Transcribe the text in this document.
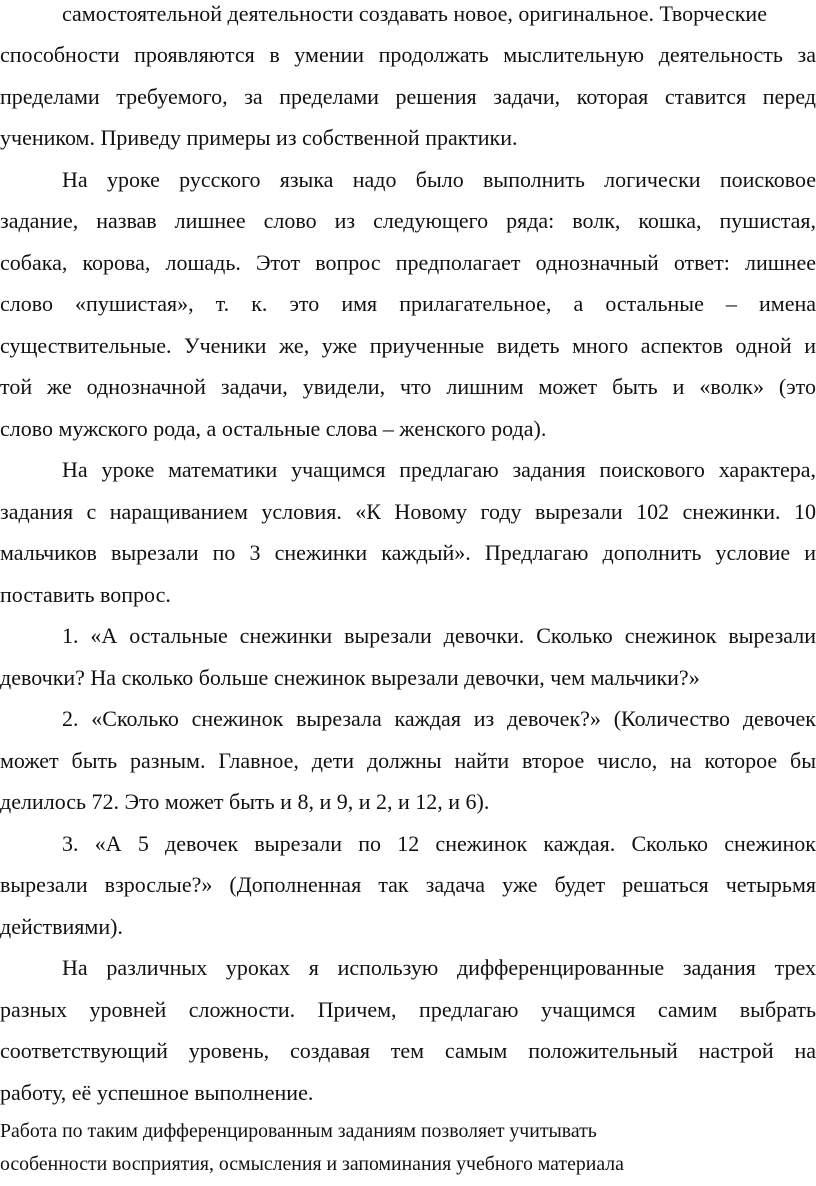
самостоятельной деятельности создавать новое, оригинальное. Творческие

способности проявляются в умении продолжать мыслительную деятельность за

пределами требуемого, за пределами решения задачи, которая ставится перед

учеником. Приведу примеры из собственной практики.

На уроке русского языка надо было выполнить логически поисковое

задание, назвав лишнее слово из следующего ряда: волк, кошка, пушистая,

собака, корова, лошадь. Этот вопрос предполагает однозначный ответ: лишнее

слово «пушистая», т. к. это имя прилагательное, а остальные – имена

существительные. Ученики же, уже приученные видеть много аспектов одной и

той же однозначной задачи, увидели, что лишним может быть и «волк» (это

слово мужского рода, а остальные слова – женского рода).

На уроке математики учащимся предлагаю задания поискового характера,

задания с наращиванием условия. «К Новому году вырезали 102 снежинки. 10

мальчиков вырезали по 3 снежинки каждый». Предлагаю дополнить условие и

поставить вопрос.

1. «А остальные снежинки вырезали девочки. Сколько снежинок вырезали

девочки? На сколько больше снежинок вырезали девочки, чем мальчики?»

2. «Сколько снежинок вырезала каждая из девочек?» (Количество девочек

может быть разным. Главное, дети должны найти второе число, на которое бы

делилось 72. Это может быть и 8, и 9, и 2, и 12, и 6).

3. «А 5 девочек вырезали по 12 снежинок каждая. Сколько снежинок

вырезали взрослые?» (Дополненная так задача уже будет решаться четырьмя

действиями).

На различных уроках я использую дифференцированные задания трех

разных уровней сложности. Причем, предлагаю учащимся самим выбрать

соответствующий уровень, создавая тем самым положительный настрой на

работу, её успешное выполнение.

Работа по таким дифференцированным заданиям позволяет учитывать

особенности восприятия, осмысления и запоминания учебного материала
